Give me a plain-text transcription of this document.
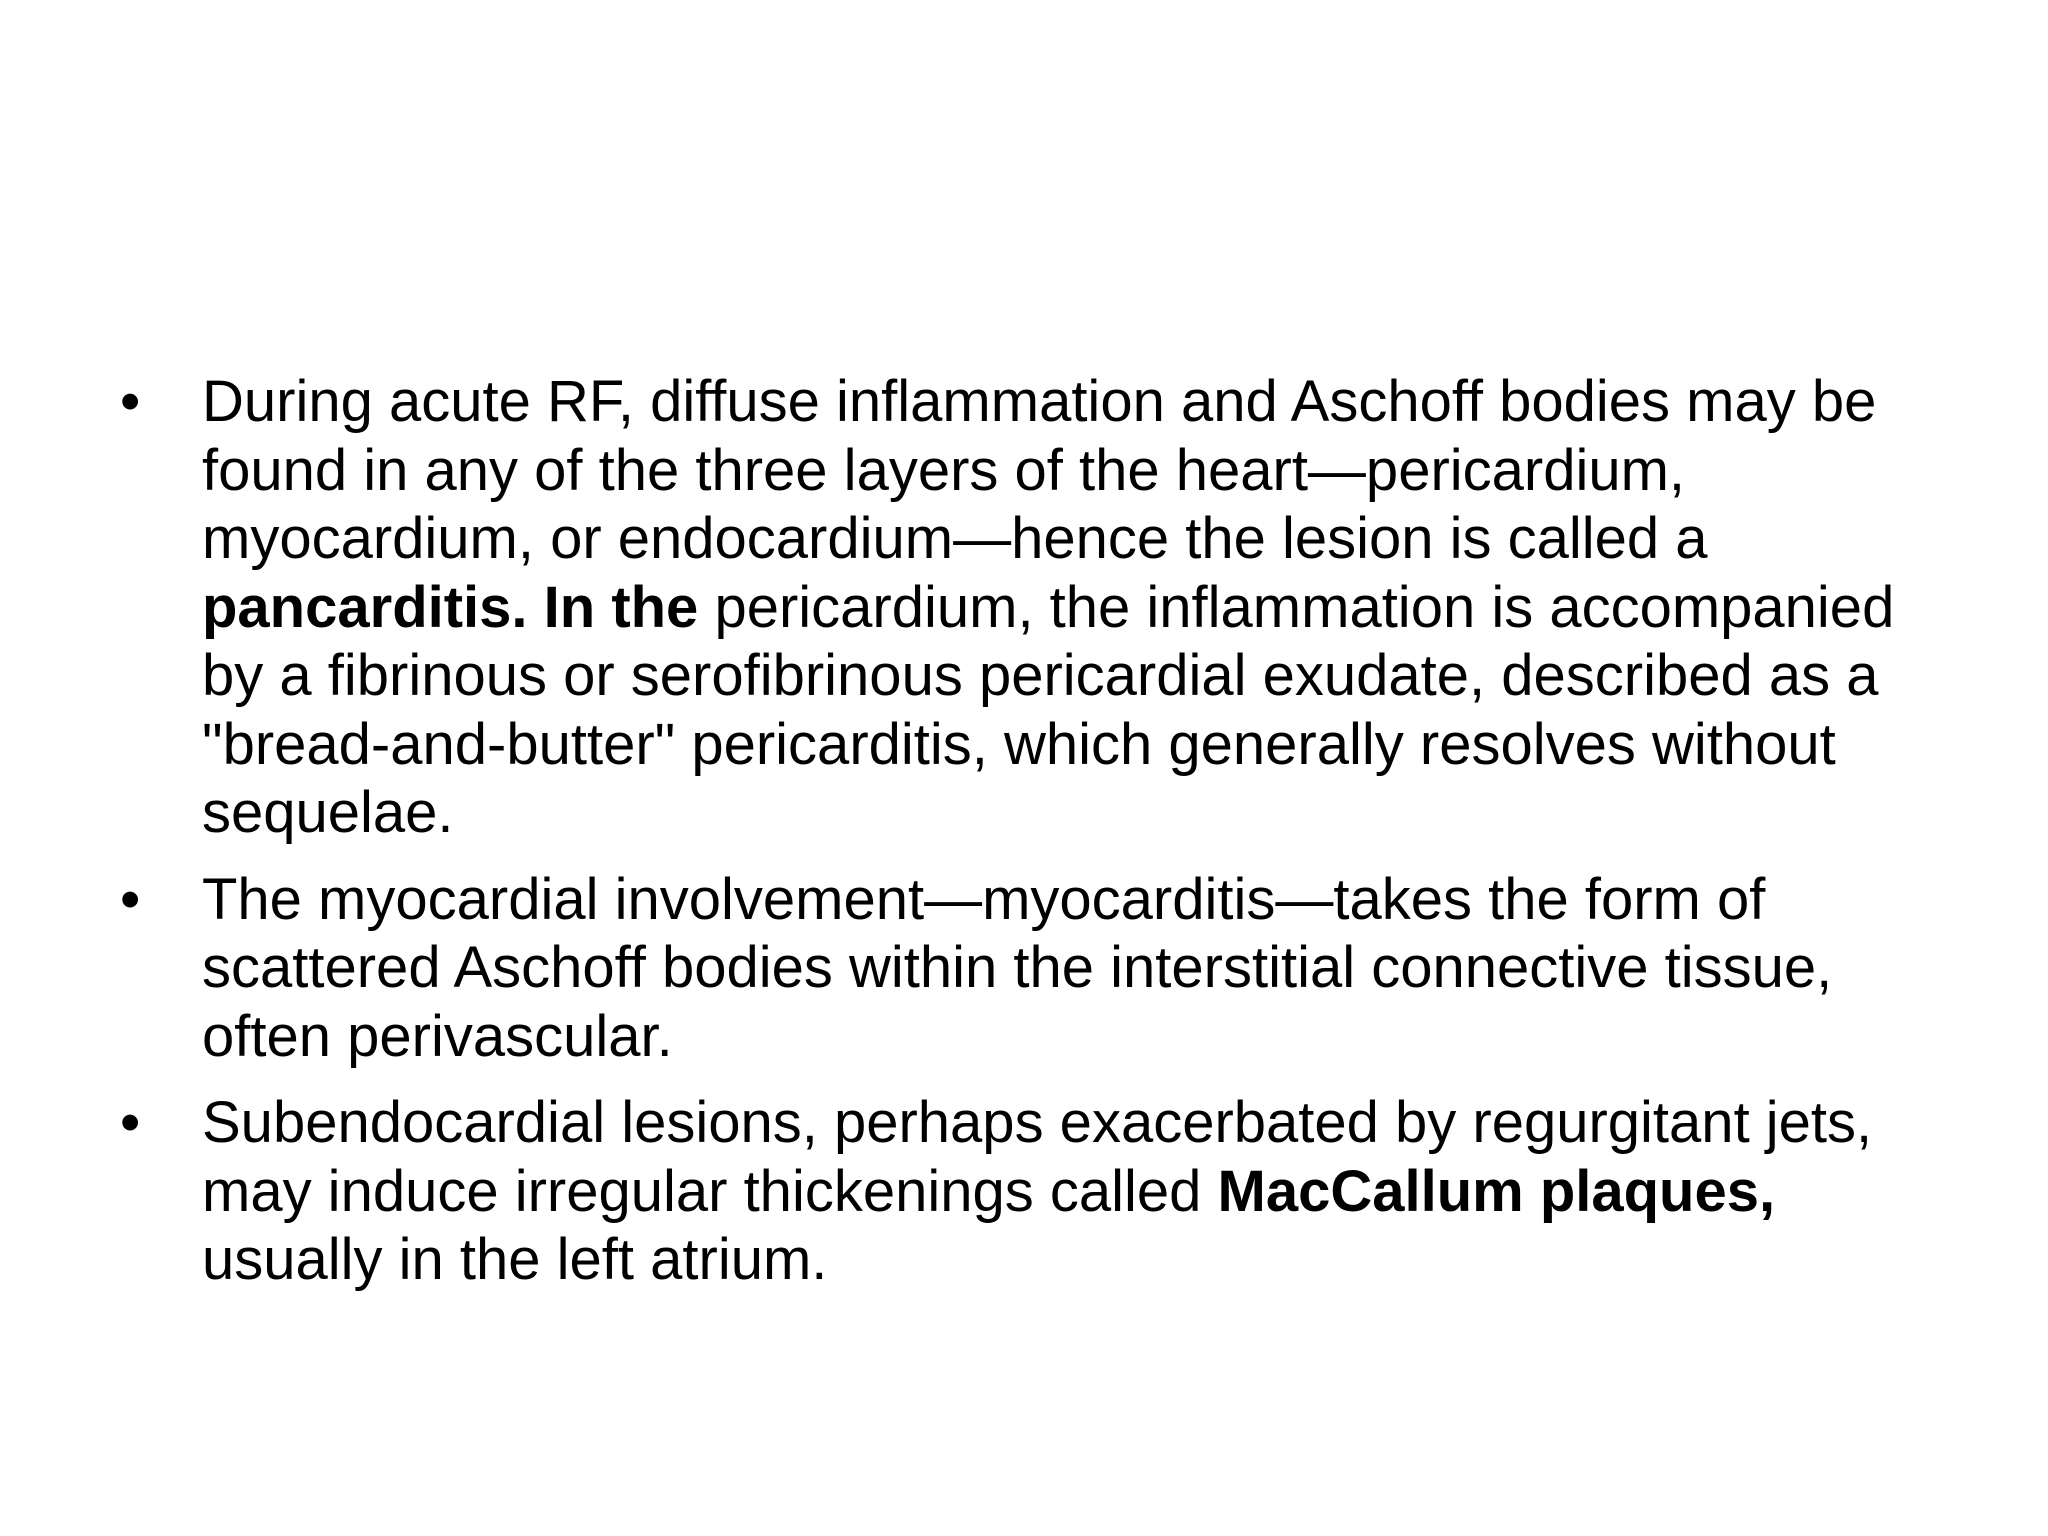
•	During acute RF, diffuse inflammation and Aschoff bodies may be found in any of the three layers of the heart—pericardium, myocardium, or endocardium—hence the lesion is called a pancarditis. In the pericardium, the inflammation is accompanied by a fibrinous or serofibrinous pericardial exudate, described as a "bread-and-butter" pericarditis, which generally resolves without sequelae.
•	The myocardial involvement—myocarditis—takes the form of scattered Aschoff bodies within the interstitial connective tissue, often perivascular.
•	Subendocardial lesions, perhaps exacerbated by regurgitant jets, may induce irregular thickenings called MacCallum plaques, usually in the left atrium.
